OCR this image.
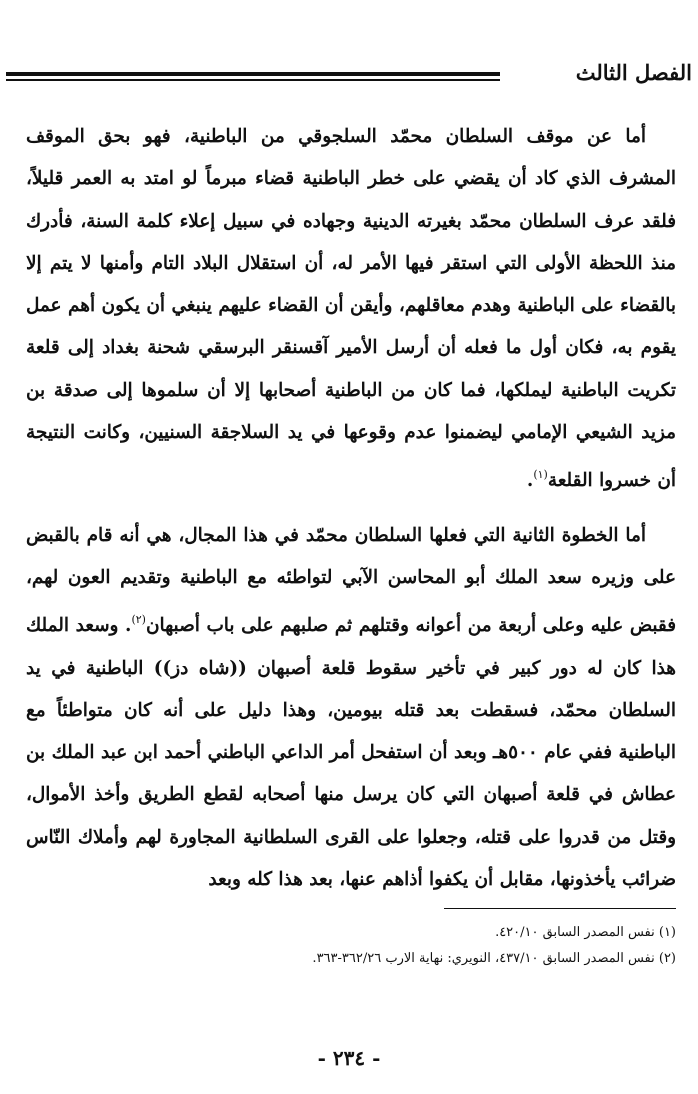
الفصل الثالث

أما عن موقف السلطان محمّد السلجوقي من الباطنية، فهو بحق الموقف المشرف الذي كاد أن يقضي على خطر الباطنية قضاء مبرماً لو امتد به العمر قليلاً، فلقد عرف السلطان محمّد بغيرته الدينية وجهاده في سبيل إعلاء كلمة السنة، فأدرك منذ اللحظة الأولى التي استقر فيها الأمر له، أن استقلال البلاد التام وأمنها لا يتم إلا بالقضاء على الباطنية وهدم معاقلهم، وأيقن أن القضاء عليهم ينبغي أن يكون أهم عمل يقوم به، فكان أول ما فعله أن أرسل الأمير آقسنقر البرسقي شحنة بغداد إلى قلعة تكريت الباطنية ليملكها، فما كان من الباطنية أصحابها إلا أن سلموها إلى صدقة بن مزيد الشيعي الإمامي ليضمنوا عدم وقوعها في يد السلاجقة السنيين، وكانت النتيجة أن خسروا القلعة$^{(١)}$.

أما الخطوة الثانية التي فعلها السلطان محمّد في هذا المجال، هي أنه قام بالقبض على وزيره سعد الملك أبو المحاسن الآبي لتواطئه مع الباطنية وتقديم العون لهم، فقبض عليه وعلى أربعة من أعوانه وقتلهم ثم صلبهم على باب أصبهان$^{(٢)}$. وسعد الملك هذا كان له دور كبير في تأخير سقوط قلعة أصبهان ((شاه دز)) الباطنية في يد السلطان محمّد، فسقطت بعد قتله بيومين، وهذا دليل على أنه كان متواطئاً مع الباطنية ففي عام ٥٠٠هـ وبعد أن استفحل أمر الداعي الباطني أحمد ابن عبد الملك بن عطاش في قلعة أصبهان التي كان يرسل منها أصحابه لقطع الطريق وأخذ الأموال، وقتل من قدروا على قتله، وجعلوا على القرى السلطانية المجاورة لهم وأملاك النّاس ضرائب يأخذونها، مقابل أن يكفوا أذاهم عنها، بعد هذا كله وبعد

(١) نفس المصدر السابق ٤٢٠/١٠.

(٢) نفس المصدر السابق ٤٣٧/١٠، النويري: نهاية الارب ٣٦٢/٢٦-٣٦٣.

- ٢٣٤ -
